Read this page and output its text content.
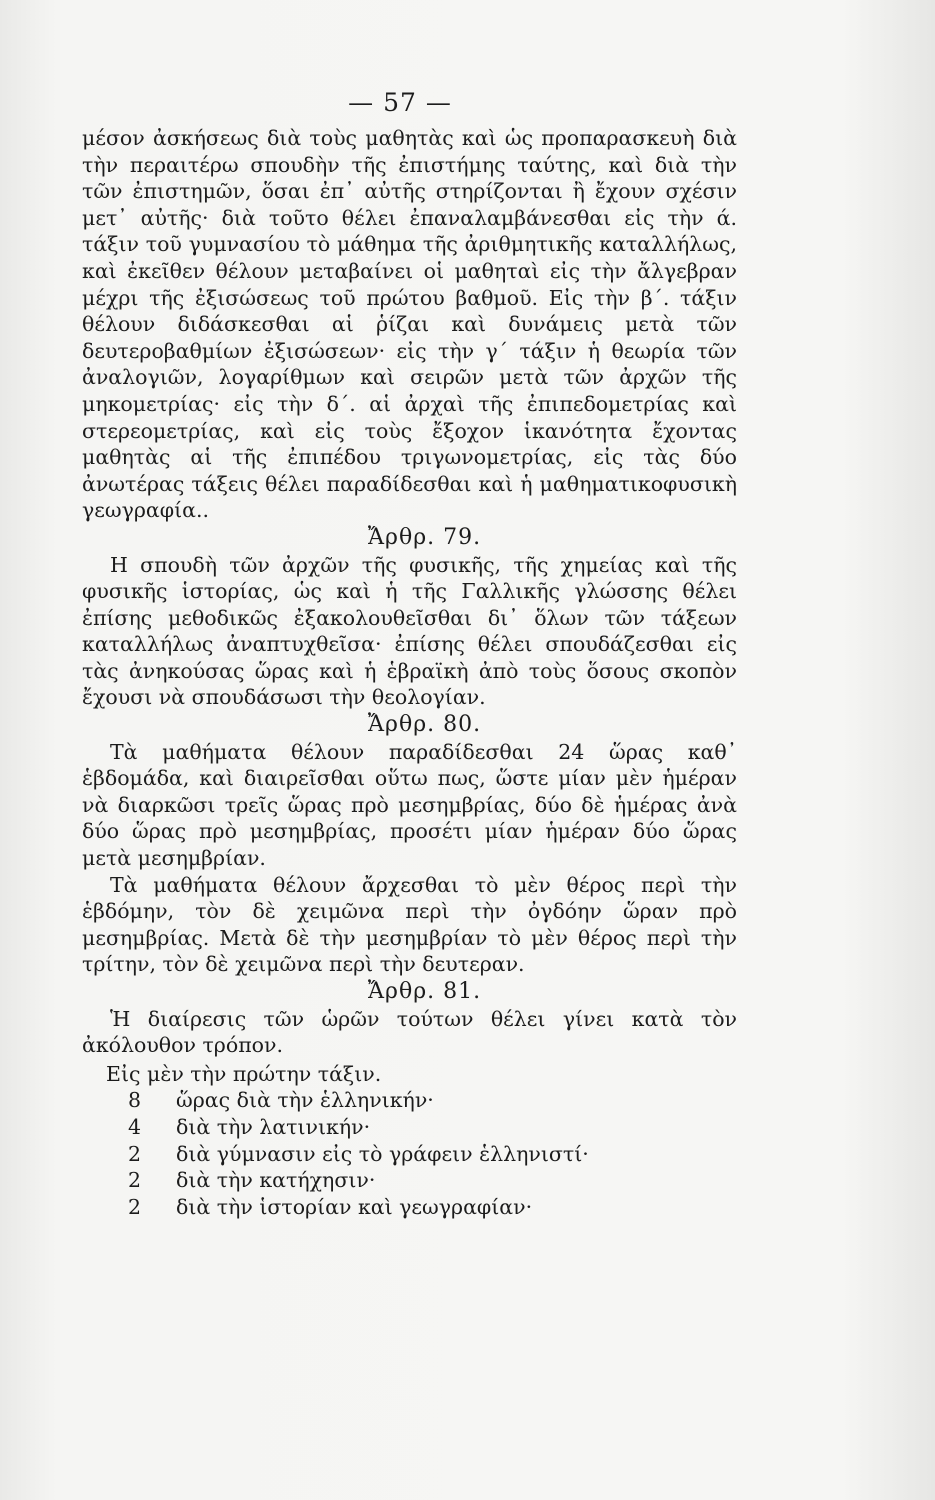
— 57 —

μέσον ἀσκήσεως διὰ τοὺς μαθητὰς καὶ ὡς προπαρασκευὴ διὰ τὴν περαιτέρω σπουδὴν τῆς ἐπιστήμης ταύτης, καὶ διὰ τὴν τῶν ἐπιστημῶν, ὅσαι ἐπ᾽ αὐτῆς στηρίζονται ἢ ἔχουν σχέσιν μετ᾽ αὐτῆς· διὰ τοῦτο θέλει ἐπαναλαμβάνεσθαι εἰς τὴν ά. τάξιν τοῦ γυμνασίου τὸ μάθημα τῆς ἀριθμητικῆς καταλλήλως, καὶ ἐκεῖθεν θέλουν μεταβαίνει οἱ μαθηταὶ εἰς τὴν ἄλγεβραν μέχρι τῆς ἐξισώσεως τοῦ πρώτου βαθμοῦ. Εἰς τὴν β΄. τάξιν θέλουν διδάσκεσθαι αἱ ῥίζαι καὶ δυνάμεις μετὰ τῶν δευτεροβαθμίων ἐξισώσεων· εἰς τὴν γ΄ τάξιν ἡ θεωρία τῶν ἀναλογιῶν, λογαρίθμων καὶ σειρῶν μετὰ τῶν ἀρχῶν τῆς μηκομετρίας· εἰς τὴν δ΄. αἱ ἀρχαὶ τῆς ἐπιπεδομετρίας καὶ στερεομετρίας, καὶ εἰς τοὺς ἔξοχον ἱκανότητα ἔχοντας μαθητὰς αἱ τῆς ἐπιπέδου τριγωνομετρίας, εἰς τὰς δύο ἀνωτέρας τάξεις θέλει παραδίδεσθαι καὶ ἡ μαθηματικοφυσικὴ γεωγραφία..

Ἄρθρ. 79.

Η σπουδὴ τῶν ἀρχῶν τῆς φυσικῆς, τῆς χημείας καὶ τῆς φυσικῆς ἱστορίας, ὡς καὶ ἡ τῆς Γαλλικῆς γλώσσης θέλει ἐπίσης μεθοδικῶς ἐξακολουθεῖσθαι δι᾽ ὅλων τῶν τάξεων καταλλήλως ἀναπτυχθεῖσα· ἐπίσης θέλει σπουδάζεσθαι εἰς τὰς ἀνηκούσας ὥρας καὶ ἡ ἑβραϊκὴ ἀπὸ τοὺς ὅσους σκοπὸν ἔχουσι νὰ σπουδάσωσι τὴν θεολογίαν.

Ἄρθρ. 80.

Τὰ μαθήματα θέλουν παραδίδεσθαι 24 ὥρας καθ᾽ ἑβδομάδα, καὶ διαιρεῖσθαι οὕτω πως, ὥστε μίαν μὲν ἡμέραν νὰ διαρκῶσι τρεῖς ὥρας πρὸ μεσημβρίας, δύο δὲ ἡμέρας ἀνὰ δύο ὥρας πρὸ μεσημβρίας, προσέτι μίαν ἡμέραν δύο ὥρας μετὰ μεσημβρίαν.

Τὰ μαθήματα θέλουν ἄρχεσθαι τὸ μὲν θέρος περὶ τὴν ἑβδόμην, τὸν δὲ χειμῶνα περὶ τὴν ὀγδόην ὥραν πρὸ μεσημβρίας. Μετὰ δὲ τὴν μεσημβρίαν τὸ μὲν θέρος περὶ τὴν τρίτην, τὸν δὲ χειμῶνα περὶ τὴν δευτεραν.

Ἄρθρ. 81.

Ἡ διαίρεσις τῶν ὡρῶν τούτων θέλει γίνει κατὰ τὸν ἀκόλουθον τρόπον.

Εἰς μὲν τὴν πρώτην τάξιν.

8	ὥρας διὰ τὴν ἑλληνικήν·
4	διὰ τὴν λατινικήν·
2	διὰ γύμνασιν εἰς τὸ γράφειν ἑλληνιστί·
2	διὰ τὴν κατήχησιν·
2	διὰ τὴν ἱστορίαν καὶ γεωγραφίαν·
